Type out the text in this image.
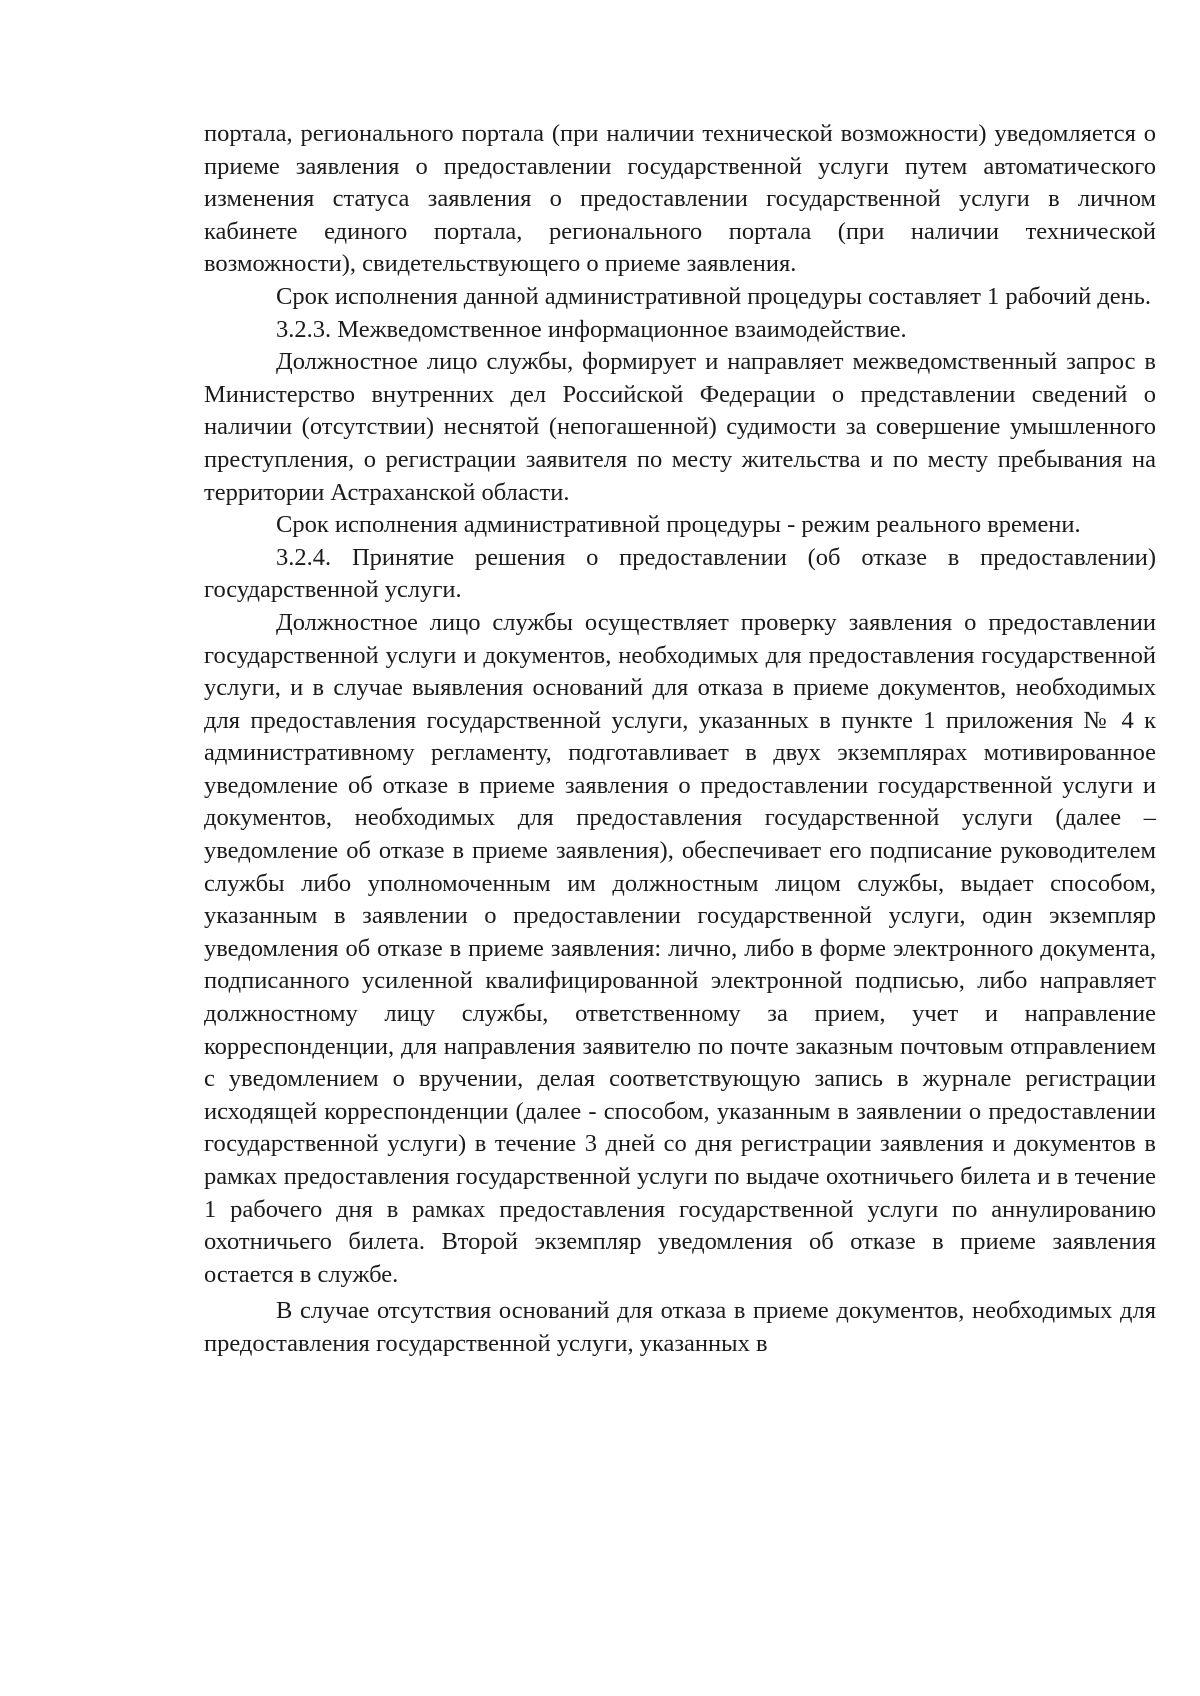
портала, регионального портала (при наличии технической возможности) уведомляется о приеме заявления о предоставлении государственной услуги путем автоматического изменения статуса заявления о предоставлении государственной услуги в личном кабинете единого портала, регионального портала (при наличии технической возможности), свидетельствующего о приеме заявления.

Срок исполнения данной административной процедуры составляет 1 рабочий день.

3.2.3. Межведомственное информационное взаимодействие.

Должностное лицо службы, формирует и направляет межведомственный запрос в Министерство внутренних дел Российской Федерации о представлении сведений о наличии (отсутствии) неснятой (непогашенной) судимости за совершение умышленного преступления, о регистрации заявителя по месту жительства и по месту пребывания на территории Астраханской области.

Срок исполнения административной процедуры - режим реального времени.

3.2.4. Принятие решения о предоставлении (об отказе в предоставлении) государственной услуги.

Должностное лицо службы осуществляет проверку заявления о предоставлении государственной услуги и документов, необходимых для предоставления государственной услуги, и в случае выявления оснований для отказа в приеме документов, необходимых для предоставления государственной услуги, указанных в пункте 1 приложения № 4 к административному регламенту, подготавливает в двух экземплярах мотивированное уведомление об отказе в приеме заявления о предоставлении государственной услуги и документов, необходимых для предоставления государственной услуги (далее – уведомление об отказе в приеме заявления), обеспечивает его подписание руководителем службы либо уполномоченным им должностным лицом службы, выдает способом, указанным в заявлении о предоставлении государственной услуги, один экземпляр уведомления об отказе в приеме заявления: лично, либо в форме электронного документа, подписанного усиленной квалифицированной электронной подписью, либо направляет должностному лицу службы, ответственному за прием, учет и направление корреспонденции, для направления заявителю по почте заказным почтовым отправлением с уведомлением о вручении, делая соответствующую запись в журнале регистрации исходящей корреспонденции (далее - способом, указанным в заявлении о предоставлении государственной услуги) в течение 3 дней со дня регистрации заявления и документов в рамках предоставления государственной услуги по выдаче охотничьего билета и в течение 1 рабочего дня в рамках предоставления государственной услуги по аннулированию охотничьего билета. Второй экземпляр уведомления об отказе в приеме заявления остается в службе.

В случае отсутствия оснований для отказа в приеме документов, необходимых для предоставления государственной услуги, указанных в
